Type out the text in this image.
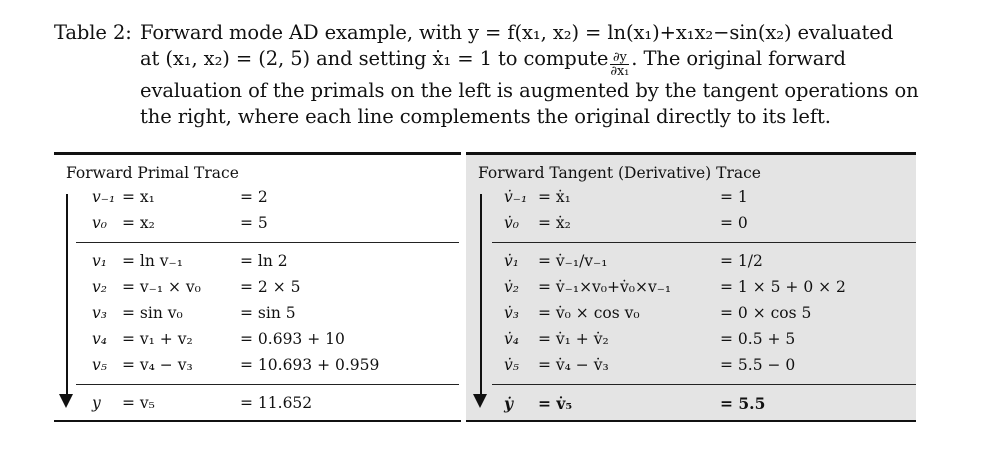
Table 2: Forward mode AD example, with y = f(x₁, x₂) = ln(x₁)+x₁x₂−sin(x₂) evaluated
at (x₁, x₂) = (2, 5) and setting ẋ₁ = 1 to compute $\frac{\partial y}{\text{∂x₁}}$ . The original forward
evaluation of the primals on the left is augmented by the tangent operations on
the right, where each line complements the original directly to its left.
Forward Primal Trace
v₋₁ = x₁	= 2
v₀ = x₂	= 5
v₁ = ln v₋₁	= ln 2
v₂ = v₋₁ × v₀	= 2 × 5
v₃ = sin v₀	= sin 5
v₄ = v₁ + v₂	= 0.693 + 10
v₅ = v₄ − v₃	= 10.693 + 0.959
y = v₅	= 11.652
Forward Tangent (Derivative) Trace
v̇₋₁ = ẋ₁	= 1
v̇₀ = ẋ₂	= 0
v̇₁ = v̇₋₁/v₋₁	= 1/2
v̇₂ = v̇₋₁×v₀+v̇₀×v₋₁	= 1 × 5 + 0 × 2
v̇₃ = v̇₀ × cos v₀	= 0 × cos 5
v̇₄ = v̇₁ + v̇₂	= 0.5 + 5
v̇₅ = v̇₄ − v̇₃	= 5.5 − 0
ẏ = v̇₅	= 5.5
